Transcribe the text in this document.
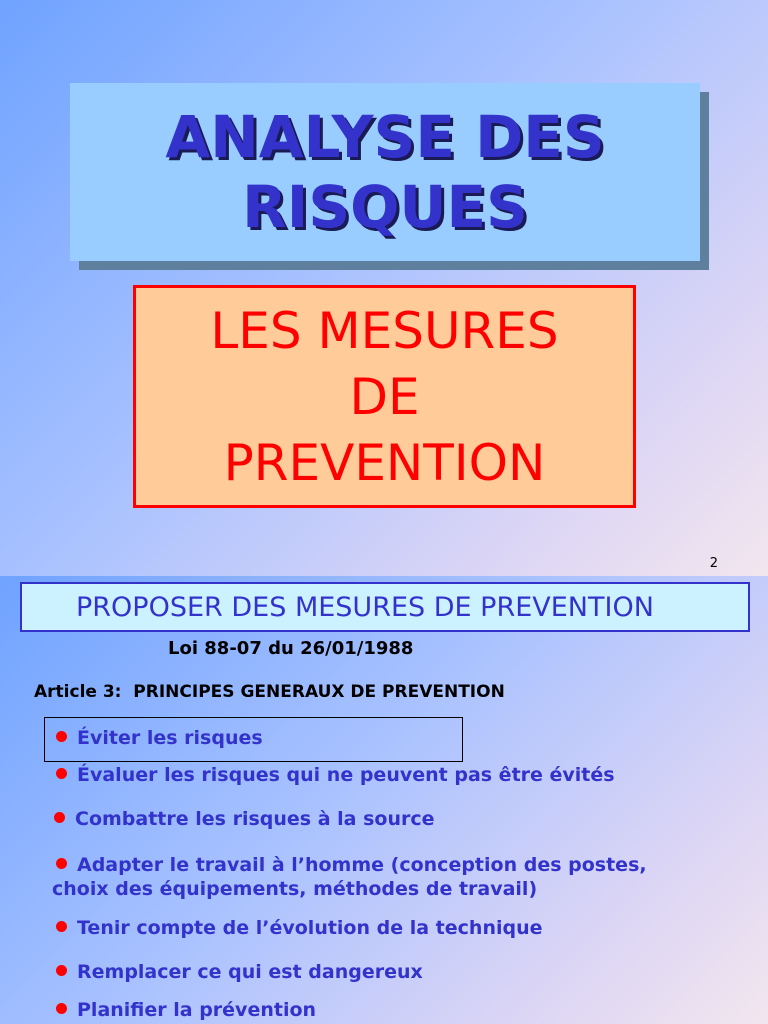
ANALYSE DES
RISQUES
LES MESURES
DE
PREVENTION
2
PROPOSER DES MESURES DE PREVENTION
Loi 88-07 du 26/01/1988
Article 3:  PRINCIPES GENERAUX DE PREVENTION
Éviter les risques
Évaluer les risques qui ne peuvent pas être évités
Combattre les risques à la source
Adapter le travail à l’homme (conception des postes,
choix des équipements, méthodes de travail)
Tenir compte de l’évolution de la technique
Remplacer ce qui est dangereux
Planifier la prévention
